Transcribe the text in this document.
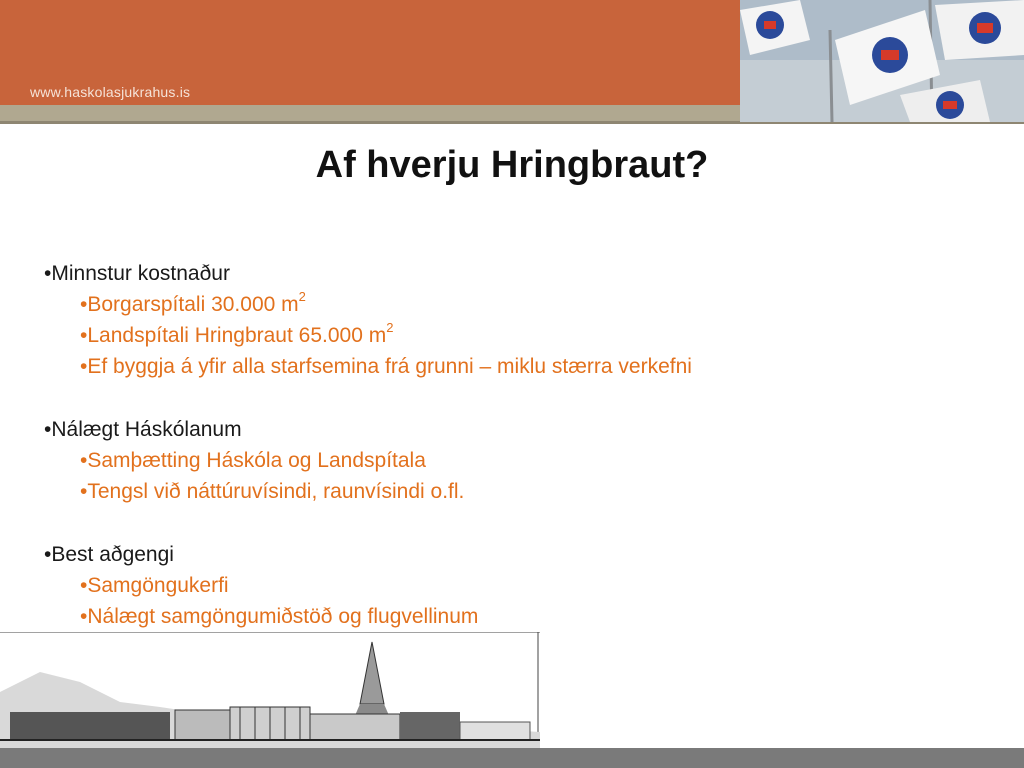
www.haskolasjukrahus.is
Af hverju Hringbraut?
•Minnstur kostnaður
•Borgarspítali 30.000 $m^2$
•Landspítali Hringbraut 65.000 $m^2$
•Ef byggja á yfir alla starfsemina frá grunni – miklu stærra verkefni
•Nálægt Háskólanum
•Samþætting Háskóla og Landspítala
•Tengsl við náttúruvísindi, raunvísindi o.fl.
•Best aðgengi
•Samgöngukerfi
•Nálægt samgöngumiðstöð og flugvellinum
